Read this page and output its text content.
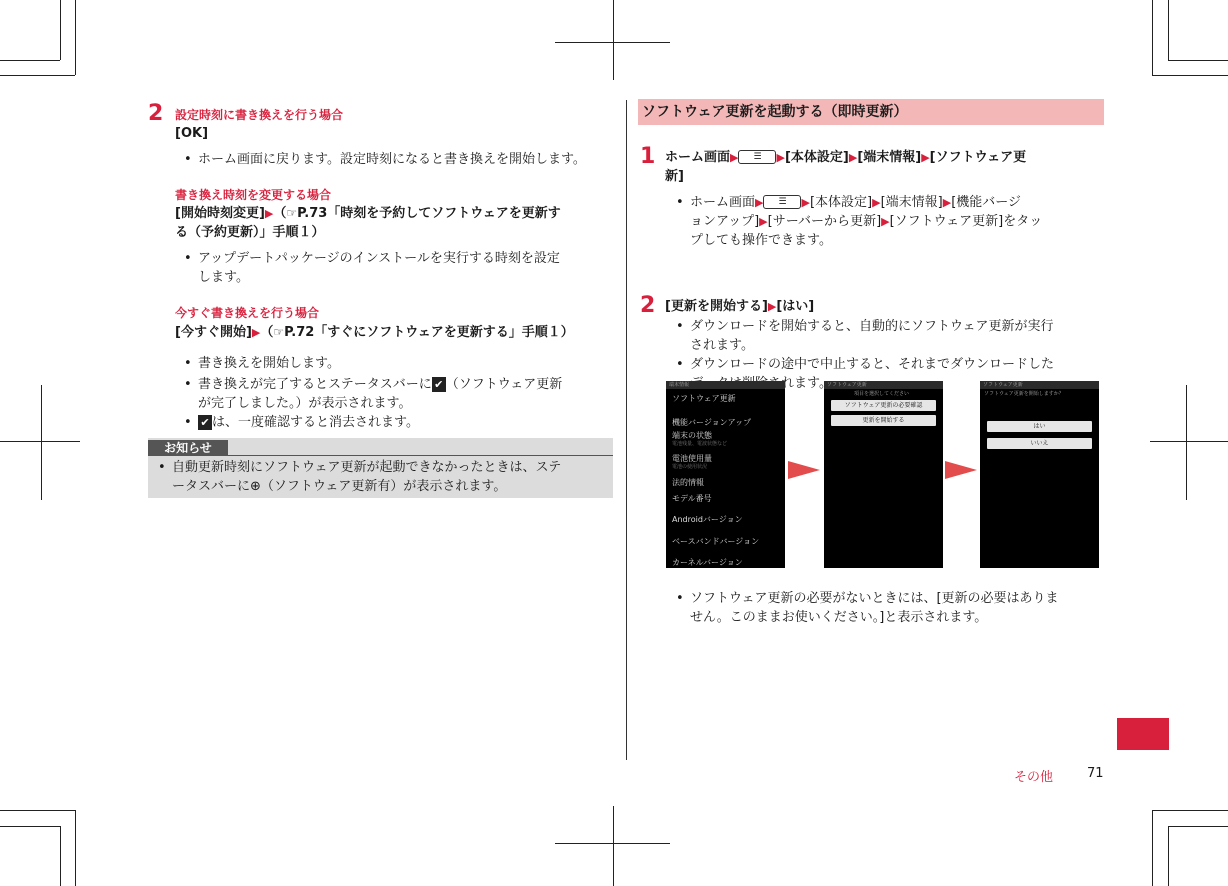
2 設定時刻に書き換えを行う場合
[OK]
• ホーム画面に戻ります。設定時刻になると書き換えを開始します。
書き換え時刻を変更する場合
[開始時刻変更]▶（☞P.73「時刻を予約してソフトウェアを更新す
る（予約更新）」手順１）
• アップデートパッケージのインストールを実行する時刻を設定
します。
今すぐ書き換えを行う場合
[今すぐ開始]▶（☞P.72「すぐにソフトウェアを更新する」手順１）
• 書き換えを開始します。
• 書き換えが完了するとステータスバーに ✔ （ソフトウェア更新
が完了しました。）が表示されます。
• ✔ は、一度確認すると消去されます。
お知らせ
• 自動更新時刻にソフトウェア更新が起動できなかったときは、ステ
ータスバーに⊕（ソフトウェア更新有）が表示されます。
ソフトウェア更新を起動する（即時更新）
1 ホーム画面▶ ☰ ▶[本体設定]▶[端末情報]▶[ソフトウェア更
新]
• ホーム画面▶ ☰ ▶[本体設定]▶[端末情報]▶[機能バージ
ョンアップ]▶[サーバーから更新]▶[ソフトウェア更新]をタッ
プしても操作できます。
2 [更新を開始する]▶[はい]
• ダウンロードを開始すると、自動的にソフトウェア更新が実行
されます。
• ダウンロードの途中で中止すると、それまでダウンロードした
端末情報
ソフトウェア更新
機能バージョンアップ
端末の状態
電池残量、電波状態など
電池使用量
電池の使用状況
法的情報
モデル番号
Androidバージョン
ベースバンドバージョン
カーネルバージョン
ソフトウェア更新
項目を選択してください
ソフトウェア更新の必要確認
更新を開始する
ソフトウェア更新
ソフトウェア更新を開始しますか？
はい
いいえ
• ソフトウェア更新の必要がないときには、[更新の必要はありま
せん。このままお使いください。]と表示されます。
その他	71
